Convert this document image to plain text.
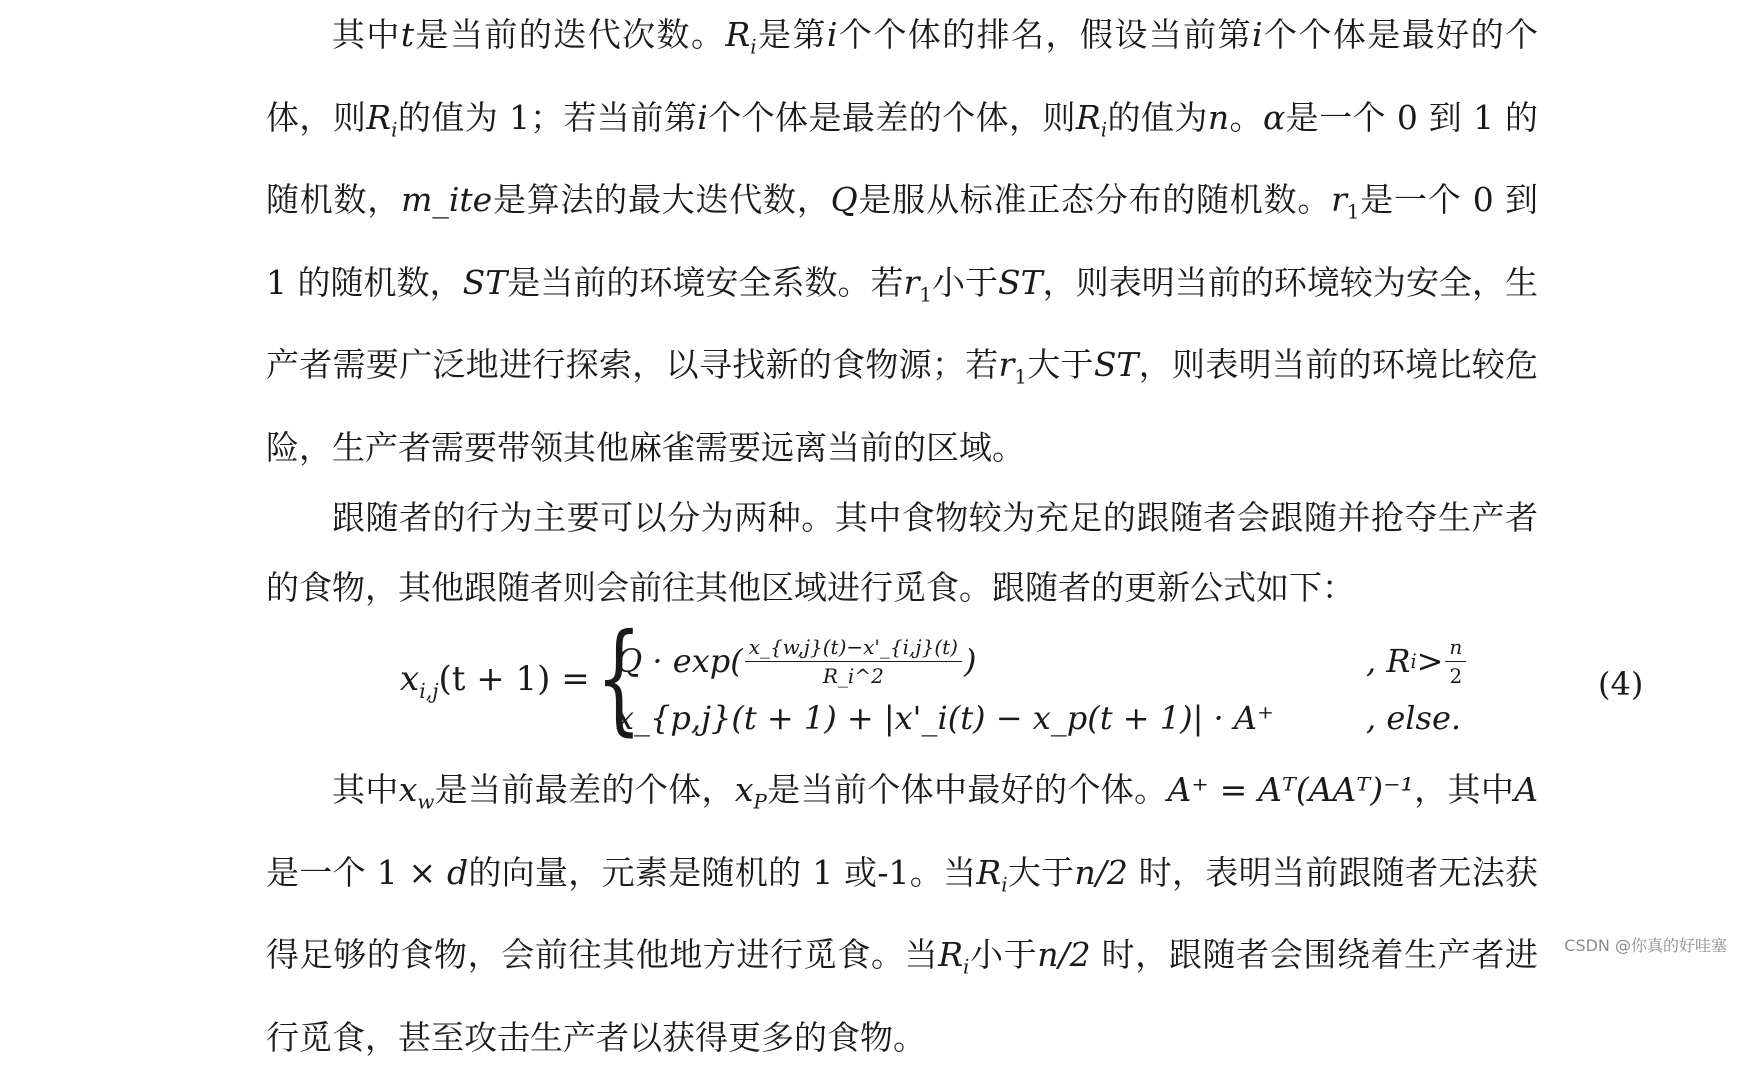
其中t是当前的迭代次数。$R_i$是第i个个体的排名，假设当前第i个个体是最好的个体，则$R_i$的值为 1；若当前第i个个体是最差的个体，则$R_i$的值为n。α是一个 0 到 1 的随机数，m_ite是算法的最大迭代数，Q是服从标准正态分布的随机数。$r_1$是一个 0 到 1 的随机数，ST是当前的环境安全系数。若$r_1$小于ST，则表明当前的环境较为安全，生产者需要广泛地进行探索，以寻找新的食物源；若$r_1$大于ST，则表明当前的环境比较危险，生产者需要带领其他麻雀需要远离当前的区域。

跟随者的行为主要可以分为两种。其中食物较为充足的跟随者会跟随并抢夺生产者的食物，其他跟随者则会前往其他区域进行觅食。跟随者的更新公式如下：

$x_{i,j}(t + 1)$ = {
$Q \cdot \exp( \frac{x\_\{w,j\}(t)-x'\_\{i,j\}(t)}{R\_i\^{}2}$ )
x_{p,j}(t + 1) + |x'_i(t) − x_p(t + 1)| · A⁺
, R $i > \frac{n}{2}$
, else.
(4)

其中$x_w$是当前最差的个体，$x_P$是当前个体中最好的个体。A⁺ = Aᵀ(AAᵀ)⁻¹，其中A是一个 1 × d的向量，元素是随机的 1 或-1。当$R_i$大于n/2 时，表明当前跟随者无法获得足够的食物，会前往其他地方进行觅食。当$R_i$小于n/2 时，跟随者会围绕着生产者进行觅食，甚至攻击生产者以获得更多的食物。

CSDN @你真的好哇塞
